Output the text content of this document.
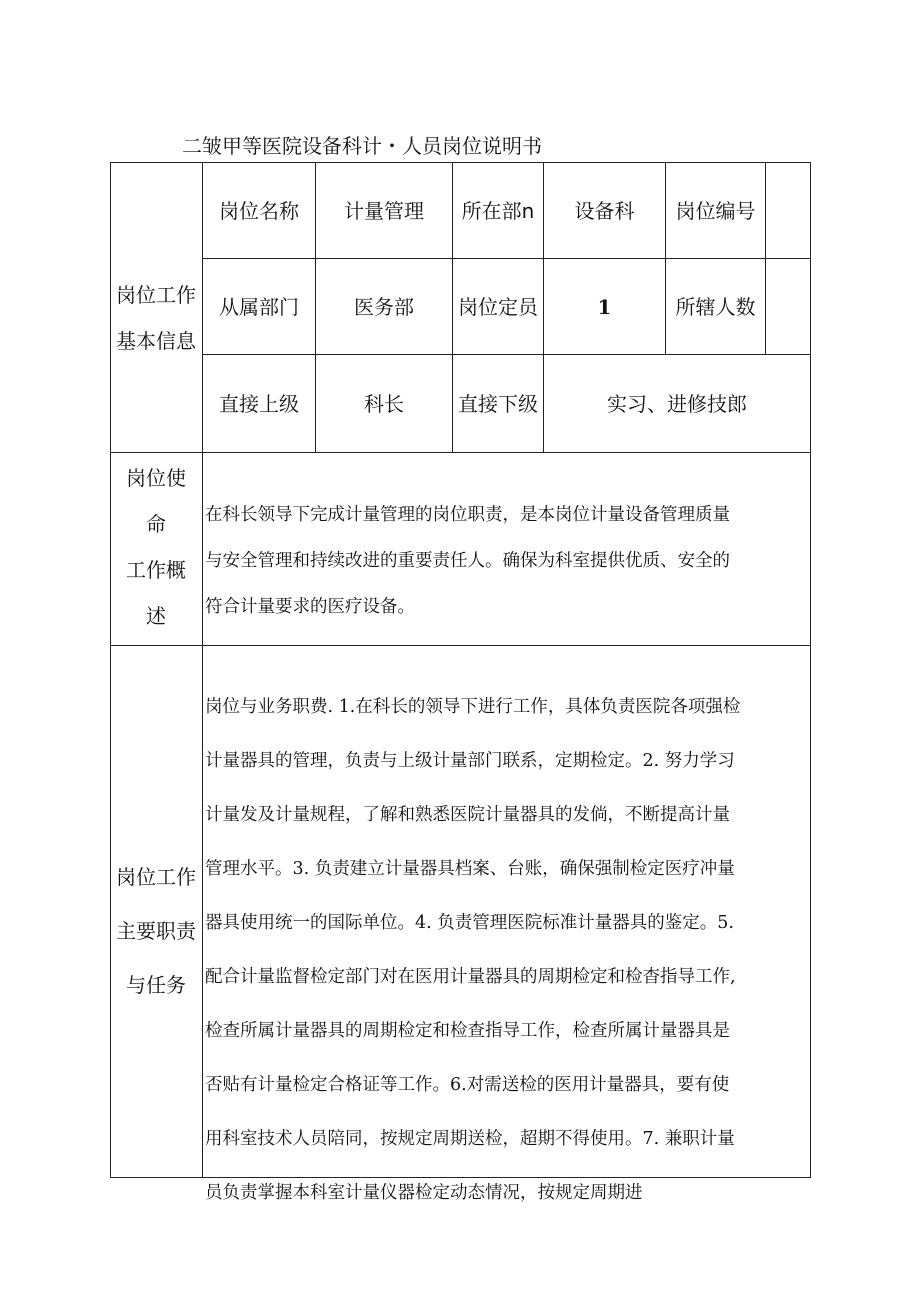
二皱甲等医院设备科计・人员岗位说明书
岗位工作
基本信息
岗位名称	计量管理	所在部n	设备科	岗位编号
从属部门	医务部	岗位定员	1	所辖人数
直接上级	科长	直接下级	实习、进修技郎
岗位使
命
工作概
述
在科长领导下完成计量管理的岗位职责，是本岗位计量设备管理质量
与安全管理和持续改进的重要责任人。确保为科室提供优质、安全的
符合计量要求的医疗设备。
岗位工作
主要职责
与任务
岗位与业务职费. 1.在科长的领导下进行工作，具体负责医院各项强检
计量器具的管理，负责与上级计量部门联系，定期检定。2. 努力学习
计量发及计量规程，了解和熟悉医院计量器具的发倘，不断提高计量
管理水平。3. 负责建立计量器具档案、台账，确保强制检定医疗冲量
器具使用统一的国际单位。4. 负责管理医院标准计量器具的鉴定。5.
配合计量监督检定部门对在医用计量器具的周期检定和检杳指导工作,
检查所属计量器具的周期检定和检查指导工作，检查所属计量器具是
否贴有计量检定合格证等工作。6.对需送检的医用计量器具，要有使
用科室技术人员陪同，按规定周期送检，超期不得使用。7. 兼职计量
员负责掌握本科室计量仪器检定动态情况，按规定周期进
